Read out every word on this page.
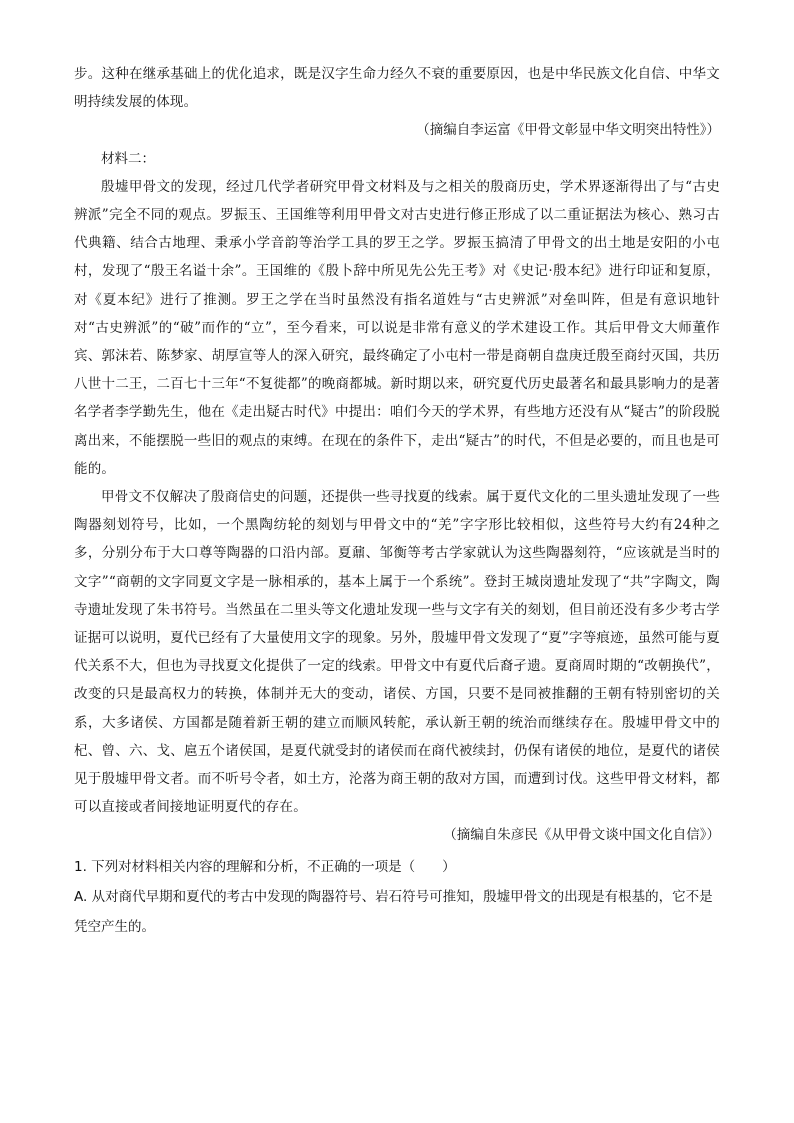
步。这种在继承基础上的优化追求，既是汉字生命力经久不衰的重要原因，也是中华民族文化自信、中华文明持续发展的体现。

（摘编自李运富《甲骨文彰显中华文明突出特性》）

材料二：

殷墟甲骨文的发现，经过几代学者研究甲骨文材料及与之相关的殷商历史，学术界逐渐得出了与“古史辨派”完全不同的观点。罗振玉、王国维等利用甲骨文对古史进行修正形成了以二重证据法为核心、熟习古代典籍、结合古地理、秉承小学音韵等治学工具的罗王之学。罗振玉搞清了甲骨文的出土地是安阳的小屯村，发现了“殷王名谥十余”。王国维的《殷卜辞中所见先公先王考》对《史记·殷本纪》进行印证和复原，对《夏本纪》进行了推测。罗王之学在当时虽然没有指名道姓与“古史辨派”对垒叫阵，但是有意识地针对“古史辨派”的“破”而作的“立”，至今看来，可以说是非常有意义的学术建设工作。其后甲骨文大师董作宾、郭沫若、陈梦家、胡厚宣等人的深入研究，最终确定了小屯村一带是商朝自盘庚迁殷至商纣灭国，共历八世十二王，二百七十三年“不复徙都”的晚商都城。新时期以来，研究夏代历史最著名和最具影响力的是著名学者李学勤先生，他在《走出疑古时代》中提出：咱们今天的学术界，有些地方还没有从“疑古”的阶段脱离出来，不能摆脱一些旧的观点的束缚。在现在的条件下，走出“疑古”的时代，不但是必要的，而且也是可能的。

甲骨文不仅解决了殷商信史的问题，还提供一些寻找夏的线索。属于夏代文化的二里头遗址发现了一些陶器刻划符号，比如，一个黑陶纺轮的刻划与甲骨文中的“羌”字字形比较相似，这些符号大约有24种之多，分别分布于大口尊等陶器的口沿内部。夏鼐、邹衡等考古学家就认为这些陶器刻符，“应该就是当时的文字”“商朝的文字同夏文字是一脉相承的，基本上属于一个系统”。登封王城岗遗址发现了“共”字陶文，陶寺遗址发现了朱书符号。当然虽在二里头等文化遗址发现一些与文字有关的刻划，但目前还没有多少考古学证据可以说明，夏代已经有了大量使用文字的现象。另外，殷墟甲骨文发现了“夏”字等痕迹，虽然可能与夏代关系不大，但也为寻找夏文化提供了一定的线索。甲骨文中有夏代后裔孑遗。夏商周时期的“改朝换代”，改变的只是最高权力的转换，体制并无大的变动，诸侯、方国，只要不是同被推翻的王朝有特别密切的关系，大多诸侯、方国都是随着新王朝的建立而顺风转舵，承认新王朝的统治而继续存在。殷墟甲骨文中的杞、曾、六、戈、扈五个诸侯国，是夏代就受封的诸侯而在商代被续封，仍保有诸侯的地位，是夏代的诸侯见于殷墟甲骨文者。而不听号令者，如土方，沦落为商王朝的敌对方国，而遭到讨伐。这些甲骨文材料，都可以直接或者间接地证明夏代的存在。

（摘编自朱彦民《从甲骨文谈中国文化自信》）

1. 下列对材料相关内容的理解和分析，不正确的一项是（　　）

A. 从对商代早期和夏代的考古中发现的陶器符号、岩石符号可推知，殷墟甲骨文的出现是有根基的，它不是凭空产生的。
